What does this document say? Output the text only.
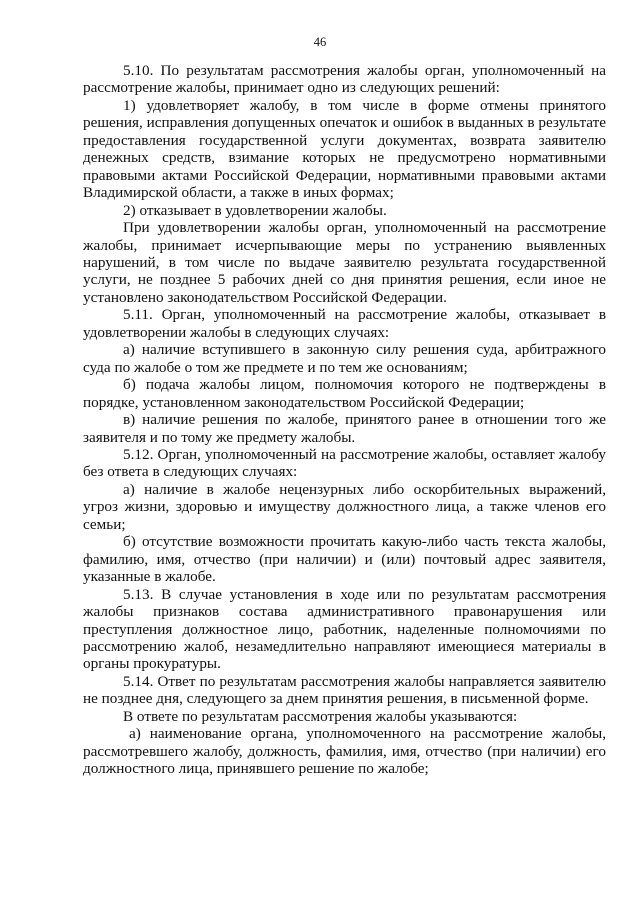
46

5.10. По результатам рассмотрения жалобы орган, уполномоченный на рассмотрение жалобы, принимает одно из следующих решений:

1) удовлетворяет жалобу, в том числе в форме отмены принятого решения, исправления допущенных опечаток и ошибок в выданных в результате предоставления государственной услуги документах, возврата заявителю денежных средств, взимание которых не предусмотрено нормативными правовыми актами Российской Федерации, нормативными правовыми актами Владимирской области, а также в иных формах;

2) отказывает в удовлетворении жалобы.

При удовлетворении жалобы орган, уполномоченный на рассмотрение жалобы, принимает исчерпывающие меры по устранению выявленных нарушений, в том числе по выдаче заявителю результата государственной услуги, не позднее 5 рабочих дней со дня принятия решения, если иное не установлено законодательством Российской Федерации.

5.11. Орган, уполномоченный на рассмотрение жалобы, отказывает в удовлетворении жалобы в следующих случаях:

а) наличие вступившего в законную силу решения суда, арбитражного суда по жалобе о том же предмете и по тем же основаниям;

б) подача жалобы лицом, полномочия которого не подтверждены в порядке, установленном законодательством Российской Федерации;

в) наличие решения по жалобе, принятого ранее в отношении того же заявителя и по тому же предмету жалобы.

5.12. Орган, уполномоченный на рассмотрение жалобы, оставляет жалобу без ответа в следующих случаях:

а) наличие в жалобе нецензурных либо оскорбительных выражений, угроз жизни, здоровью и имуществу должностного лица, а также членов его семьи;

б) отсутствие возможности прочитать какую-либо часть текста жалобы, фамилию, имя, отчество (при наличии) и (или) почтовый адрес заявителя, указанные в жалобе.

5.13. В случае установления в ходе или по результатам рассмотрения жалобы признаков состава административного правонарушения или преступления должностное лицо, работник, наделенные полномочиями по рассмотрению жалоб, незамедлительно направляют имеющиеся материалы в органы прокуратуры.

5.14. Ответ по результатам рассмотрения жалобы направляется заявителю не позднее дня, следующего за днем принятия решения, в письменной форме.

В ответе по результатам рассмотрения жалобы указываются:

а) наименование органа, уполномоченного на рассмотрение жалобы, рассмотревшего жалобу, должность, фамилия, имя, отчество (при наличии) его должностного лица, принявшего решение по жалобе;
